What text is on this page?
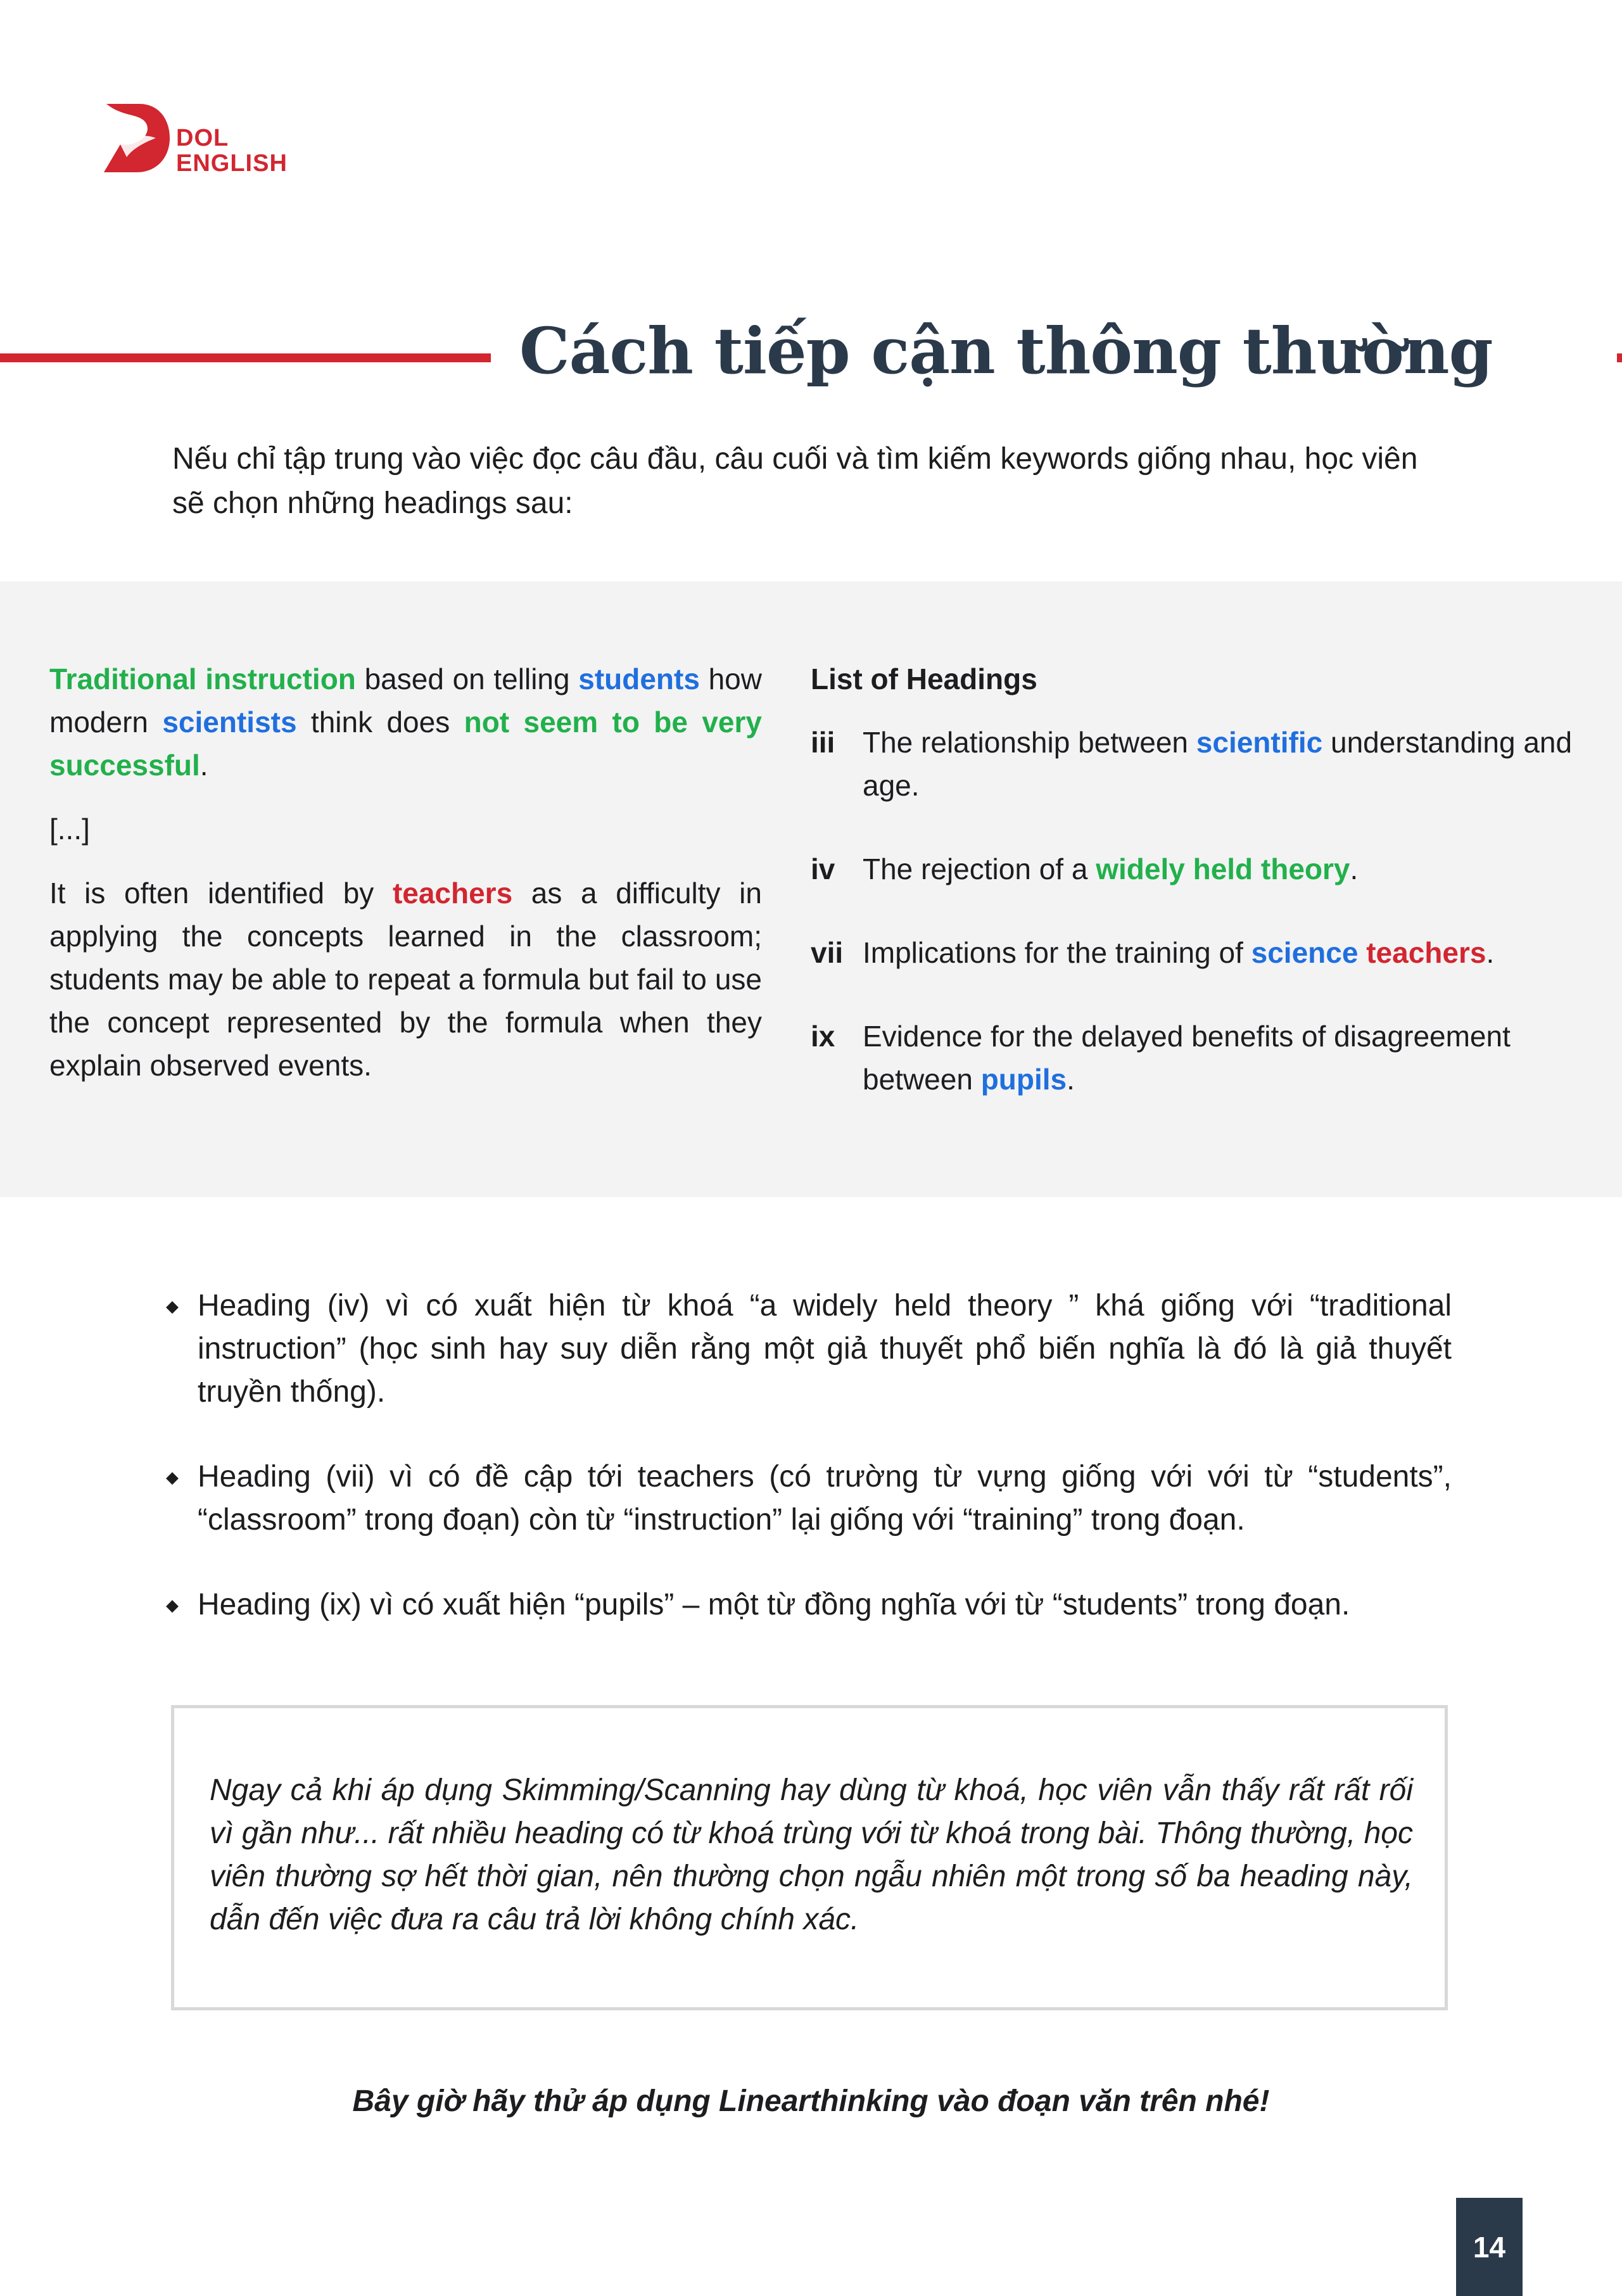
DOL
ENGLISH
Cách tiếp cận thông thường
Nếu chỉ tập trung vào việc đọc câu đầu, câu cuối và tìm kiếm keywords giống nhau, học viên sẽ chọn những headings sau:

Traditional instruction based on telling students how modern scientists think does not seem to be very successful.

[...]

It is often identified by teachers as a difficulty in applying the concepts learned in the classroom; students may be able to repeat a formula but fail to use the concept represented by the formula when they explain observed events.

List of Headings
iii The relationship between scientific understanding and age.
iv The rejection of a widely held theory.
vii Implications for the training of science teachers.
ix Evidence for the delayed benefits of disagreement between pupils.
◆ Heading (iv) vì có xuất hiện từ khoá “a widely held theory ” khá giống với “traditional instruction” (học sinh hay suy diễn rằng một giả thuyết phổ biến nghĩa là đó là giả thuyết truyền thống).
◆ Heading (vii) vì có đề cập tới teachers (có trường từ vựng giống với với từ “students”, “classroom” trong đoạn) còn từ “instruction” lại giống với “training” trong đoạn.
◆ Heading (ix) vì có xuất hiện “pupils” – một từ đồng nghĩa với từ “students” trong đoạn.
Ngay cả khi áp dụng Skimming/Scanning hay dùng từ khoá, học viên vẫn thấy rất rất rối vì gần như... rất nhiều heading có từ khoá trùng với từ khoá trong bài. Thông thường, học viên thường sợ hết thời gian, nên thường chọn ngẫu nhiên một trong số ba heading này, dẫn đến việc đưa ra câu trả lời không chính xác.
Bây giờ hãy thử áp dụng Linearthinking vào đoạn văn trên nhé!
14
